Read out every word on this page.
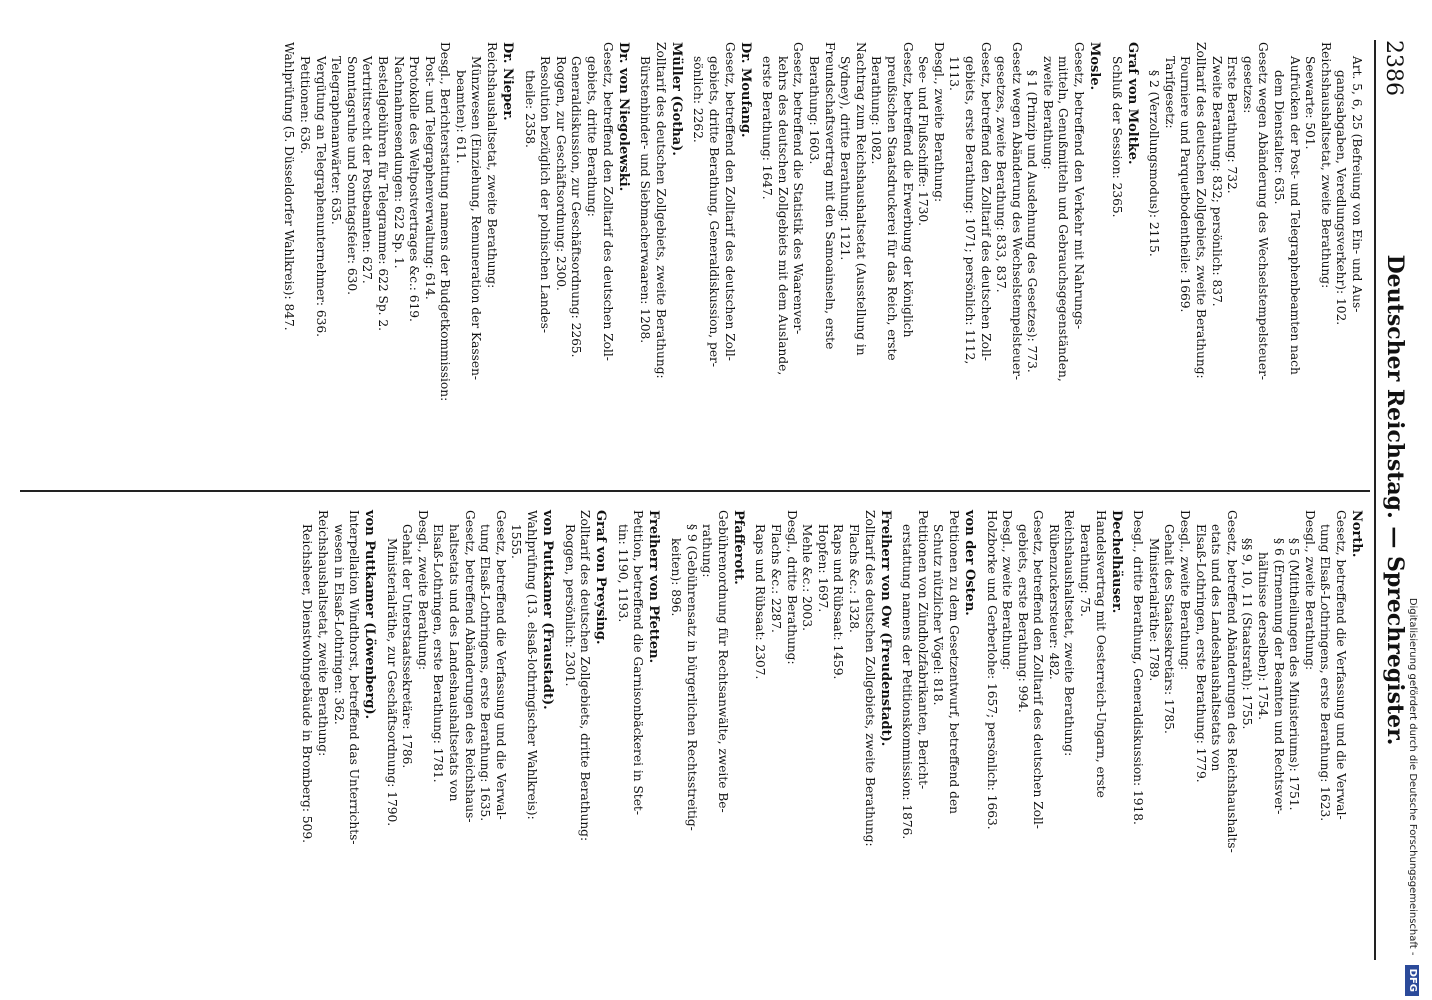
2386
Deutscher Reichstag. — Sprechregister.
Art. 5, 6, 25 (Befreiung von Ein- und Aus-
gangsabgaben, Veredlungsverkehr): 102.
Reichshaushaltsetat, zweite Berathung:
Seewarte: 501.
Aufrücken der Post- und Telegraphenbeamten nach
dem Dienstalter: 635.
Gesetz wegen Abänderung des Wechselstempelsteuer-
gesetzes:
Erste Berathung: 732.
Zweite Berathung: 832; persönlich: 837.
Zolltarif des deutschen Zollgebiets, zweite Berathung:
Fourniere und Parquetbodentheile: 1669.
Tarifgesetz:
§ 2 (Verzollungsmodus): 2115.
Graf von Moltke.
Schluß der Session: 2365.
Mosle.
Gesetz, betreffend den Verkehr mit Nahrungs-
mitteln, Genußmitteln und Gebrauchsgegenständen,
zweite Berathung:
§ 1 (Prinzip und Ausdehnung des Gesetzes): 773.
Gesetz wegen Abänderung des Wechselstempelsteuer-
gesetzes, zweite Berathung: 833, 837.
Gesetz, betreffend den Zolltarif des deutschen Zoll-
gebiets, erste Berathung: 1071; persönlich: 1112,
1113.
Desgl., zweite Berathung:
See- und Flußschiffe: 1730.
Gesetz, betreffend die Erwerbung der königlich
preußischen Staatsdruckerei für das Reich, erste
Berathung: 1082.
Nachtrag zum Reichshaushaltsetat (Ausstellung in
Sydney), dritte Berathung: 1121.
Freundschaftsvertrag mit den Samoainseln, erste
Berathung: 1603.
Gesetz, betreffend die Statistik des Waarenver-
kehrs des deutschen Zollgebiets mit dem Auslande,
erste Berathung: 1647.
Dr. Moufang.
Gesetz, betreffend den Zolltarif des deutschen Zoll-
gebiets, dritte Berathung, Generaldiskussion, per-
sönlich: 2262.
Müller (Gotha).
Zolltarif des deutschen Zollgebiets, zweite Berathung:
Bürstenbinder- und Siebmacherwaaren: 1208.
Dr. von Niegolewski.
Gesetz, betreffend den Zolltarif des deutschen Zoll-
gebiets, dritte Berathung:
Generaldiskussion, zur Geschäftsordnung: 2265.
Roggen, zur Geschäftsordnung: 2300.
Resolution bezüglich der polnischen Landes-
theile: 2358.
Dr. Nieper.
Reichshaushaltsetat, zweite Berathung:
Münzwesen (Einziehung, Remuneration der Kassen-
beamten): 611.
Desgl., Berichterstattung namens der Budgetkommission:
Post- und Telegraphenverwaltung: 614.
Protokolle des Weltpostvertrages &c.: 619.
Nachnahmesendungen: 622 Sp. 1.
Bestellgebühren für Telegramme: 622 Sp. 2.
Vertrittsrecht der Postbeamten: 627.
Sonntagsruhe und Sonntagsfeier: 630.
Telegraphenanwärter: 635.
Vergütung an Telegraphenunternehmer: 636.
Petitionen: 636.
Wahlprüfung (5. Düsseldorfer Wahlkreis): 847.
North.
Gesetz, betreffend die Verfassung und die Verwal-
tung Elsaß-Lothringens, erste Berathung: 1623.
Desgl., zweite Berathung:
§ 5 (Mittheilungen des Ministeriums): 1751.
§ 6 (Ernennung der Beamten und Rechtsver-
hältnisse derselben): 1754.
§§ 9, 10, 11 (Staatsrath): 1755.
Gesetz, betreffend Abänderungen des Reichshaushalts-
etats und des Landeshaushaltsetats von
Elsaß-Lothringen, erste Berathung: 1779.
Desgl., zweite Berathung:
Gehalt des Staatssekretärs: 1785.
Ministerialräthe: 1789.
Desgl., dritte Berathung, Generaldiskussion: 1918.
Dechelhäuser.
Handelsvertrag mit Oesterreich-Ungarn, erste
Berathung: 75.
Reichshaushaltsetat, zweite Berathung:
Rübenzuckersteuer: 482.
Gesetz, betreffend den Zolltarif des deutschen Zoll-
gebiets, erste Berathung: 994.
Desgl., zweite Berathung:
Holzborke und Gerberlohe: 1657; persönlich: 1663.
von der Osten.
Petitionen zu dem Gesetzentwurf, betreffend den
Schutz nützlicher Vögel: 818.
Petitionen von Zündholzfabrikanten, Bericht-
erstattung namens der Petitionskommission: 1876.
Freiherr von Ow (Freudenstadt).
Zolltarif des deutschen Zollgebiets, zweite Berathung:
Flachs &c.: 1328.
Raps und Rübsaat: 1459.
Hopfen: 1697.
Mehle &c.: 2003.
Desgl., dritte Berathung:
Flachs &c.: 2287.
Raps und Rübsaat: 2307.
Pfafferott.
Gebührenordnung für Rechtsanwälte, zweite Be-
rathung:
§ 9 (Gebührensatz in bürgerlichen Rechtsstreitig-
keiten): 896.
Freiherr von Pfetten.
Petition, betreffend die Garnisonbäckerei in Stet-
tin: 1190, 1193.
Graf von Preysing.
Zolltarif des deutschen Zollgebiets, dritte Berathung:
Roggen, persönlich: 2301.
von Puttkamer (Fraustadt).
Wahlprüfung (13. elsaß-lothringischer Wahlkreis):
1555.
Gesetz, betreffend die Verfassung und die Verwal-
tung Elsaß-Lothringens, erste Berathung: 1635.
Gesetz, betreffend Abänderungen des Reichshaus-
haltsetats und des Landeshaushaltsetats von
Elsaß-Lothringen, erste Berathung: 1781.
Desgl., zweite Berathung:
Gehalt der Unterstaatssekretäre: 1786.
Ministerialräthe, zur Geschäftsordnung: 1790.
von Puttkamer (Löwenberg).
Interpellation Windthorst, betreffend das Unterrichts-
wesen in Elsaß-Lothringen: 362.
Reichshaushaltsetat, zweite Berathung:
Reichsheer, Dienstwohngebäude in Bromberg: 509.	Digitalisierung gefördert durch die Deutsche Forschungsgemeinschaft - DFG
